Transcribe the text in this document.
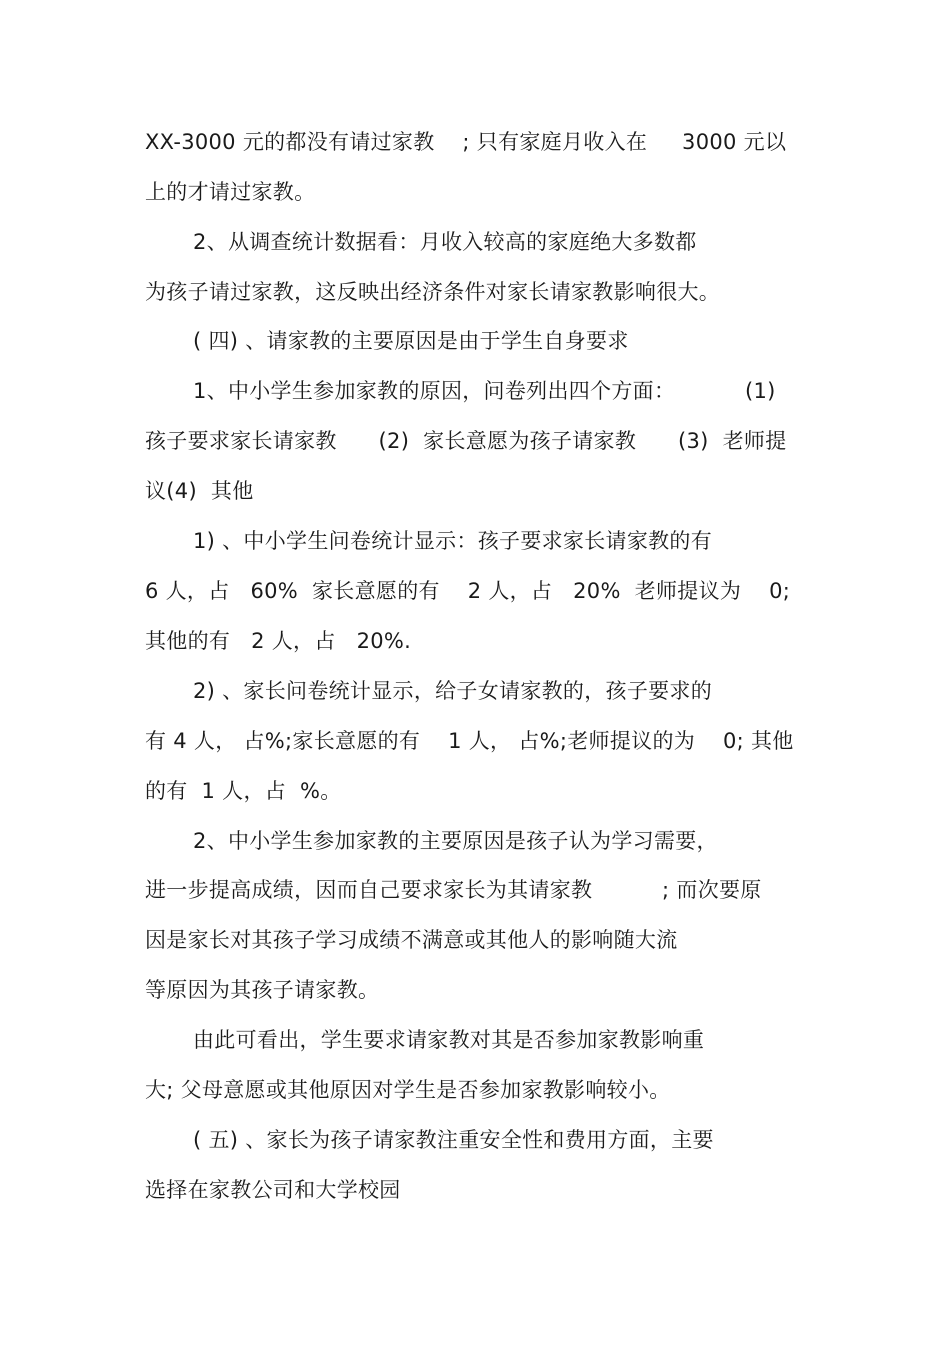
XX-3000 元的都没有请过家教    ; 只有家庭月收入在     3000 元以
上的才请过家教。
2、从调查统计数据看：月收入较高的家庭绝大多数都
为孩子请过家教，这反映出经济条件对家长请家教影响很大。
( 四) 、请家教的主要原因是由于学生自身要求
1、中小学生参加家教的原因，问卷列出四个方面：          (1)
孩子要求家长请家教      (2)  家长意愿为孩子请家教      (3)  老师提
议(4)  其他
1) 、中小学生问卷统计显示：孩子要求家长请家教的有
6 人，占   60%  家长意愿的有    2 人，占   20%  老师提议为    0;
其他的有   2 人，占   20%.
2) 、家长问卷统计显示，给子女请家教的，孩子要求的
有 4 人， 占%;家长意愿的有    1 人， 占%;老师提议的为    0; 其他
的有  1 人，占  %。
2、中小学生参加家教的主要原因是孩子认为学习需要，
进一步提高成绩，因而自己要求家长为其请家教          ; 而次要原
因是家长对其孩子学习成绩不满意或其他人的影响随大流
等原因为其孩子请家教。
由此可看出，学生要求请家教对其是否参加家教影响重
大; 父母意愿或其他原因对学生是否参加家教影响较小。
( 五) 、家长为孩子请家教注重安全性和费用方面，主要
选择在家教公司和大学校园
